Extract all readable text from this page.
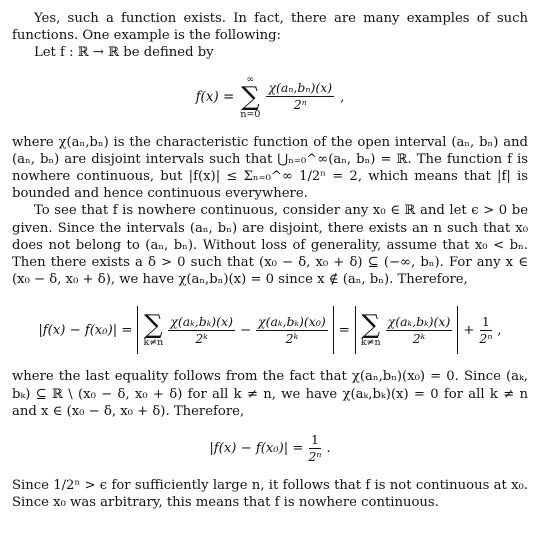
Yes, such a function exists. In fact, there are many examples of such functions. One example is the following:

Let f : ℝ → ℝ be defined by

f(x) =
∞
∑
n=0
$\frac{\text{χ(aₙ,bₙ)(x)}}{\text{2ⁿ}}$ ,

where χ(aₙ,bₙ) is the characteristic function of the open interval (aₙ, bₙ) and (aₙ, bₙ) are disjoint intervals such that ⋃ₙ₌₀^∞(aₙ, bₙ) = ℝ. The function f is nowhere continuous, but |f(x)| ≤ Σₙ₌₀^∞ 1/2ⁿ = 2, which means that |f| is bounded and hence continuous everywhere.

To see that f is nowhere continuous, consider any x₀ ∈ ℝ and let ϵ > 0 be given. Since the intervals (aₙ, bₙ) are disjoint, there exists an n such that x₀ does not belong to (aₙ, bₙ). Without loss of generality, assume that x₀ < bₙ. Then there exists a δ > 0 such that (x₀ − δ, x₀ + δ) ⊆ (−∞, bₙ). For any x ∈ (x₀ − δ, x₀ + δ), we have χ(aₙ,bₙ)(x) = 0 since x ∉ (aₙ, bₙ). Therefore,

|f(x) − f(x₀)| = ∑
$k\ne n \frac{\text{χ(aₖ,bₖ)(x)}}{\text{2ᵏ}} - \frac{\text{χ(aₖ,bₖ)(x₀)}}{\text{2ᵏ}}$ = ∑
$k\ne n \frac{\text{χ(aₖ,bₖ)(x)}}{\text{2ᵏ}} + \frac{1}{\text{2ⁿ}}$ ,

where the last equality follows from the fact that χ(aₙ,bₙ)(x₀) = 0. Since (aₖ, bₖ) ⊆ ℝ \ (x₀ − δ, x₀ + δ) for all k ≠ n, we have χ(aₖ,bₖ)(x) = 0 for all k ≠ n and x ∈ (x₀ − δ, x₀ + δ). Therefore,

$|f(x) - f(x_0)| = \frac{1}{\text{2ⁿ}}$ .

Since 1/2ⁿ > ϵ for sufficiently large n, it follows that f is not continuous at x₀. Since x₀ was arbitrary, this means that f is nowhere continuous.
